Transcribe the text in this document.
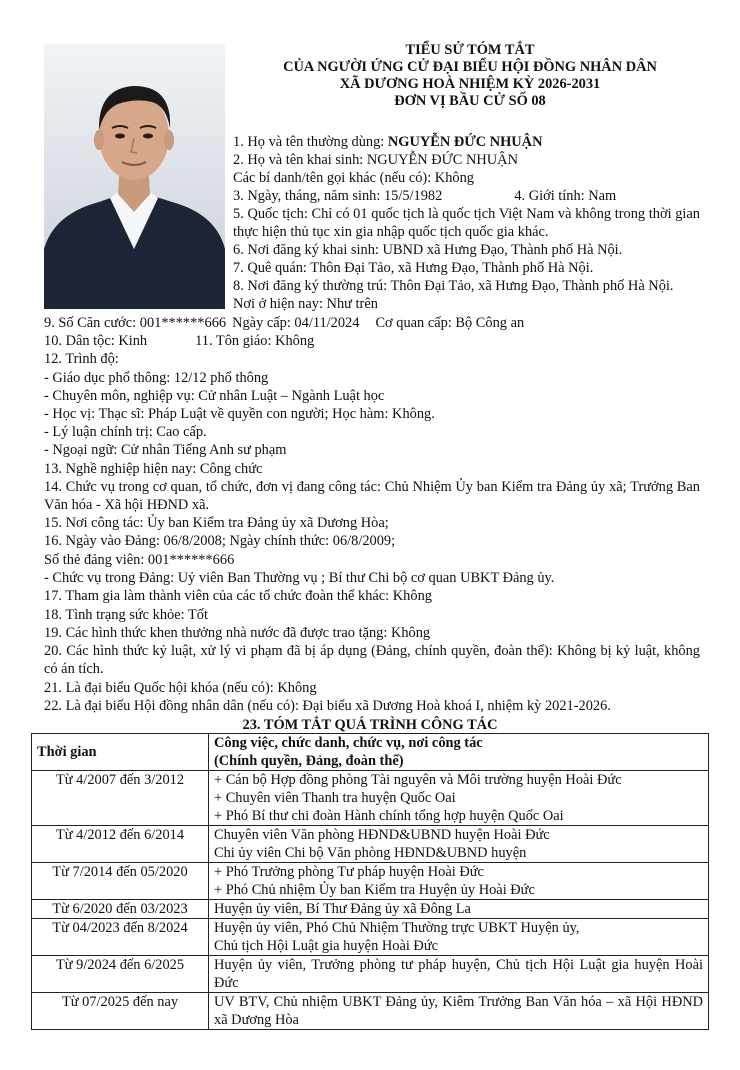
TIỂU SỬ TÓM TẮT
CỦA NGƯỜI ỨNG CỬ ĐẠI BIỂU HỘI ĐỒNG NHÂN DÂN
XÃ DƯƠNG HOÀ NHIỆM KỲ 2026-2031
ĐƠN VỊ BẦU CỬ SỐ 08
1. Họ và tên thường dùng: NGUYỄN ĐỨC NHUẬN
2. Họ và tên khai sinh: NGUYỄN ĐỨC NHUẬN
Các bí danh/tên gọi khác (nếu có): Không
3. Ngày, tháng, năm sinh: 15/5/1982	4. Giới tính: Nam
5. Quốc tịch: Chỉ có 01 quốc tịch là quốc tịch Việt Nam và không trong thời gian thực hiện thủ tục xin gia nhập quốc tịch quốc gia khác.
6. Nơi đăng ký khai sinh: UBND xã Hưng Đạo, Thành phố Hà Nội.
7. Quê quán: Thôn Đại Tảo, xã Hưng Đạo, Thành phố Hà Nội.
8. Nơi đăng ký thường trú: Thôn Đại Tảo, xã Hưng Đạo, Thành phố Hà Nội.
Nơi ở hiện nay: Như trên
9. Số Căn cước: 001******666 Ngày cấp: 04/11/2024 Cơ quan cấp: Bộ Công an
10. Dân tộc: Kinh	11. Tôn giáo: Không
12. Trình độ:
- Giáo dục phổ thông: 12/12 phổ thông
- Chuyên môn, nghiệp vụ: Cử nhân Luật – Ngành Luật học
- Học vị: Thạc sĩ: Pháp Luật về quyền con người; Học hàm: Không.
- Lý luận chính trị: Cao cấp.
- Ngoại ngữ: Cử nhân Tiếng Anh sư phạm
13. Nghề nghiệp hiện nay: Công chức
14. Chức vụ trong cơ quan, tổ chức, đơn vị đang công tác: Chủ Nhiệm Ủy ban Kiểm tra Đảng ủy xã; Trưởng Ban Văn hóa - Xã hội HĐND xã.
15. Nơi công tác: Ủy ban Kiểm tra Đảng ủy xã Dương Hòa;
16. Ngày vào Đảng: 06/8/2008; Ngày chính thức: 06/8/2009;
Số thẻ đảng viên: 001******666
- Chức vụ trong Đảng: Uỷ viên Ban Thường vụ ; Bí thư Chi bộ cơ quan UBKT Đảng ủy.
17. Tham gia làm thành viên của các tổ chức đoàn thể khác: Không
18. Tình trạng sức khỏe: Tốt
19. Các hình thức khen thưởng nhà nước đã được trao tặng: Không
20. Các hình thức kỷ luật, xử lý vi phạm đã bị áp dụng (Đảng, chính quyền, đoàn thể): Không bị kỷ luật, không có án tích.
21. Là đại biểu Quốc hội khóa (nếu có): Không
22. Là đại biểu Hội đồng nhân dân (nếu có): Đại biểu xã Dương Hoà khoá I, nhiệm kỳ 2021-2026.
23. TÓM TẮT QUÁ TRÌNH CÔNG TÁC
Thời gian	Công việc, chức danh, chức vụ, nơi công tác
(Chính quyền, Đảng, đoàn thể)

Từ 4/2007 đến 3/2012	+ Cán bộ Hợp đồng phòng Tài nguyên và Môi trường huyện Hoài Đức
+ Chuyên viên Thanh tra huyện Quốc Oai
+ Phó Bí thư chi đoàn Hành chính tổng hợp huyện Quốc Oai

Từ 4/2012 đến 6/2014	Chuyên viên Văn phòng HĐND&UBND huyện Hoài Đức
Chi ủy viên Chi bộ Văn phòng HĐND&UBND huyện

Từ 7/2014 đến 05/2020	+ Phó Trưởng phòng Tư pháp huyện Hoài Đức
+ Phó Chủ nhiệm Ủy ban Kiểm tra Huyện ủy Hoài Đức

Từ 6/2020 đến 03/2023	Huyện ủy viên, Bí Thư Đảng ủy xã Đông La

Từ 04/2023 đến 8/2024	Huyện ủy viên, Phó Chủ Nhiệm Thường trực UBKT Huyện ủy,
Chủ tịch Hội Luật gia huyện Hoài Đức

Từ 9/2024 đến 6/2025	Huyện ủy viên, Trưởng phòng tư pháp huyện, Chủ tịch Hội Luật gia huyện Hoài Đức

Từ 07/2025 đến nay	UV BTV, Chủ nhiệm UBKT Đảng ủy, Kiêm Trưởng Ban Văn hóa – xã Hội HĐND xã Dương Hòa
